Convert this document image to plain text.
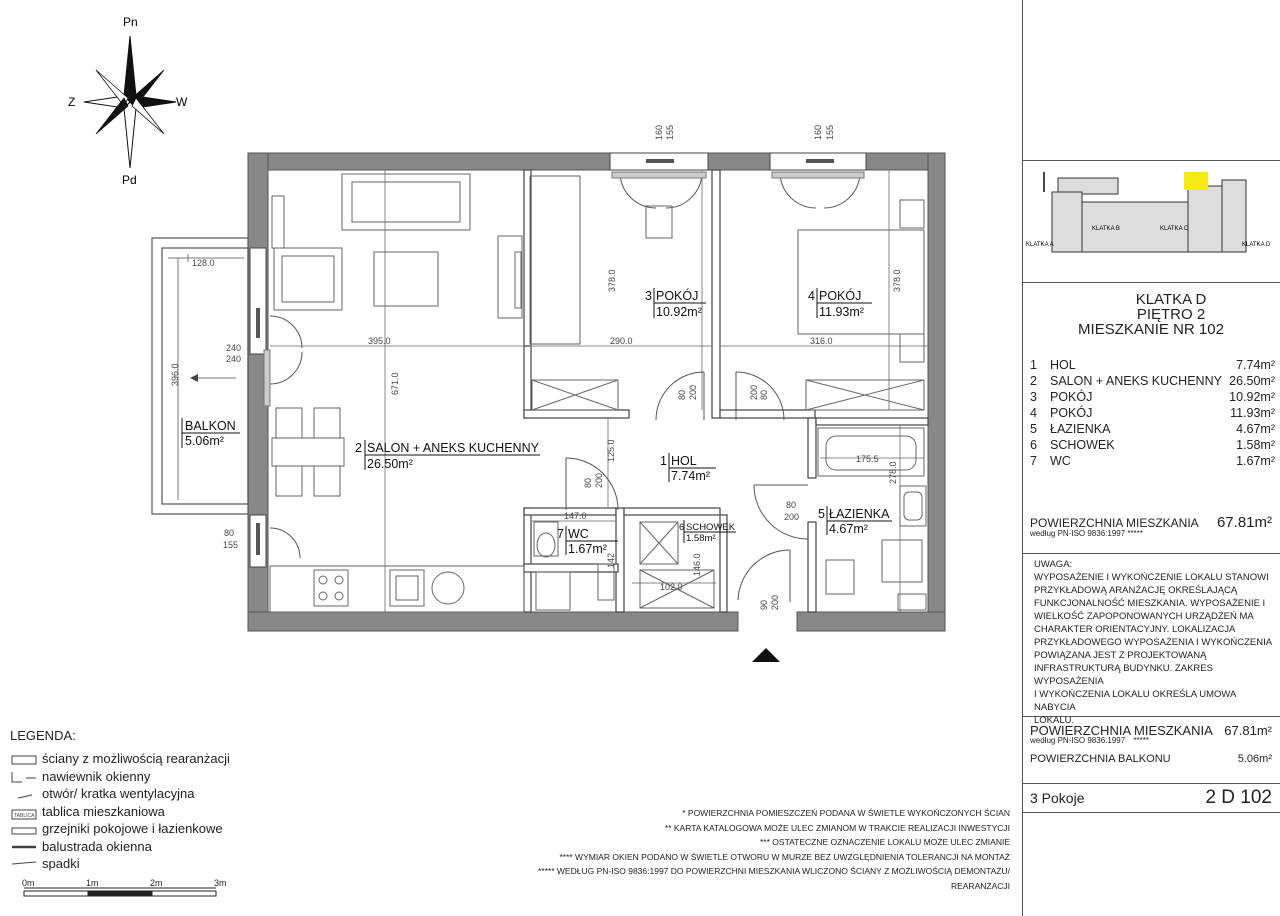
Pn
Pd
Z	W
128.0
396.0
240
240
395.0
671.0
80
155
160 155	160 155
378.0	378.0
290.0	316.0
80 200	80
200
125.0
80 200
147.0
142	146.0
102.0
175.5
278.0
80
200
90 200
2 SALON + ANEKS KUCHENNY
26.50m²
3 POKÓJ
10.92m²
4 POKÓJ
11.93m²
1 HOL
7.74m²
5 ŁAZIENKA
4.67m²
7 WC
1.67m²
6 SCHOWEK
1.58m²
BALKON
5.06m²
TABLICA
0m	1m	2m	3m
KLATKA A
KLATKA B	KLATKA C
KLATKA D
KLATKA D
PIĘTRO 2
MIESZKANIE NR 102
1	HOL	7.74m²
2	SALON + ANEKS KUCHENNY 26.50m²
3	POKÓJ	10.92m²
4	POKÓJ	11.93m²
5	ŁAZIENKA	4.67m²
6	SCHOWEK	1.58m²
7	WC	1.67m²
POWIERZCHNIA MIESZKANIA 67.81m²
według PN-ISO 9836:1997 *****
UWAGA:
WYPOSAŻENIE I WYKOŃCZENIE LOKALU STANOWI
PRZYKŁADOWĄ ARANŻACJĘ OKREŚLAJĄCĄ
FUNKCJONALNOŚĆ MIESZKANIA. WYPOSAŻENIE I
WIELKOŚĆ ZAPOPONOWANYCH URZĄDZEŃ MA
CHARAKTER ORIENTACYJNY. LOKALIZACJA
PRZYKŁADOWEGO WYPOSAŻENIA I WYKOŃCZENIA
POWIĄZANA JEST Z PROJEKTOWANĄ
INFRASTRUKTURĄ BUDYNKU. ZAKRES WYPOSAŻENIA
I WYKOŃCZENIA LOKALU OKREŚLA UMOWA NABYCIA
LOKALU.
POWIERZCHNIA MIESZKANIA 67.81m²
według PN-ISO 9836:1997 *****
POWIERZCHNIA BALKONU	5.06m²
3 Pokoje	2 D 102
LEGENDA:
ściany z możliwością rearanżacji
nawiewnik okienny
otwór/ kratka wentylacyjna
tablica mieszkaniowa
grzejniki pokojowe i łazienkowe
balustrada okienna
spadki
* POWIERZCHNIA POMIESZCZEŃ PODANA W ŚWIETLE WYKOŃCZONYCH ŚCIAN
** KARTA KATALOGOWA MOŻE ULEC ZMIANOM W TRAKCIE REALIZACJI INWESTYCJI
*** OSTATECZNE OZNACZENIE LOKALU MOŻE ULEC ZMIANIE
**** WYMIAR OKIEN PODANO W ŚWIETLE OTWORU W MURZE BEZ UWZGLĘDNIENIA TOLERANCJI NA MONTAŻ
***** WEDŁUG PN-ISO 9836:1997 DO POWIERZCHNI MIESZKANIA WLICZONO ŚCIANY Z MOŻLIWOŚCIĄ DEMONTAŻU/
REARANŻACJI
